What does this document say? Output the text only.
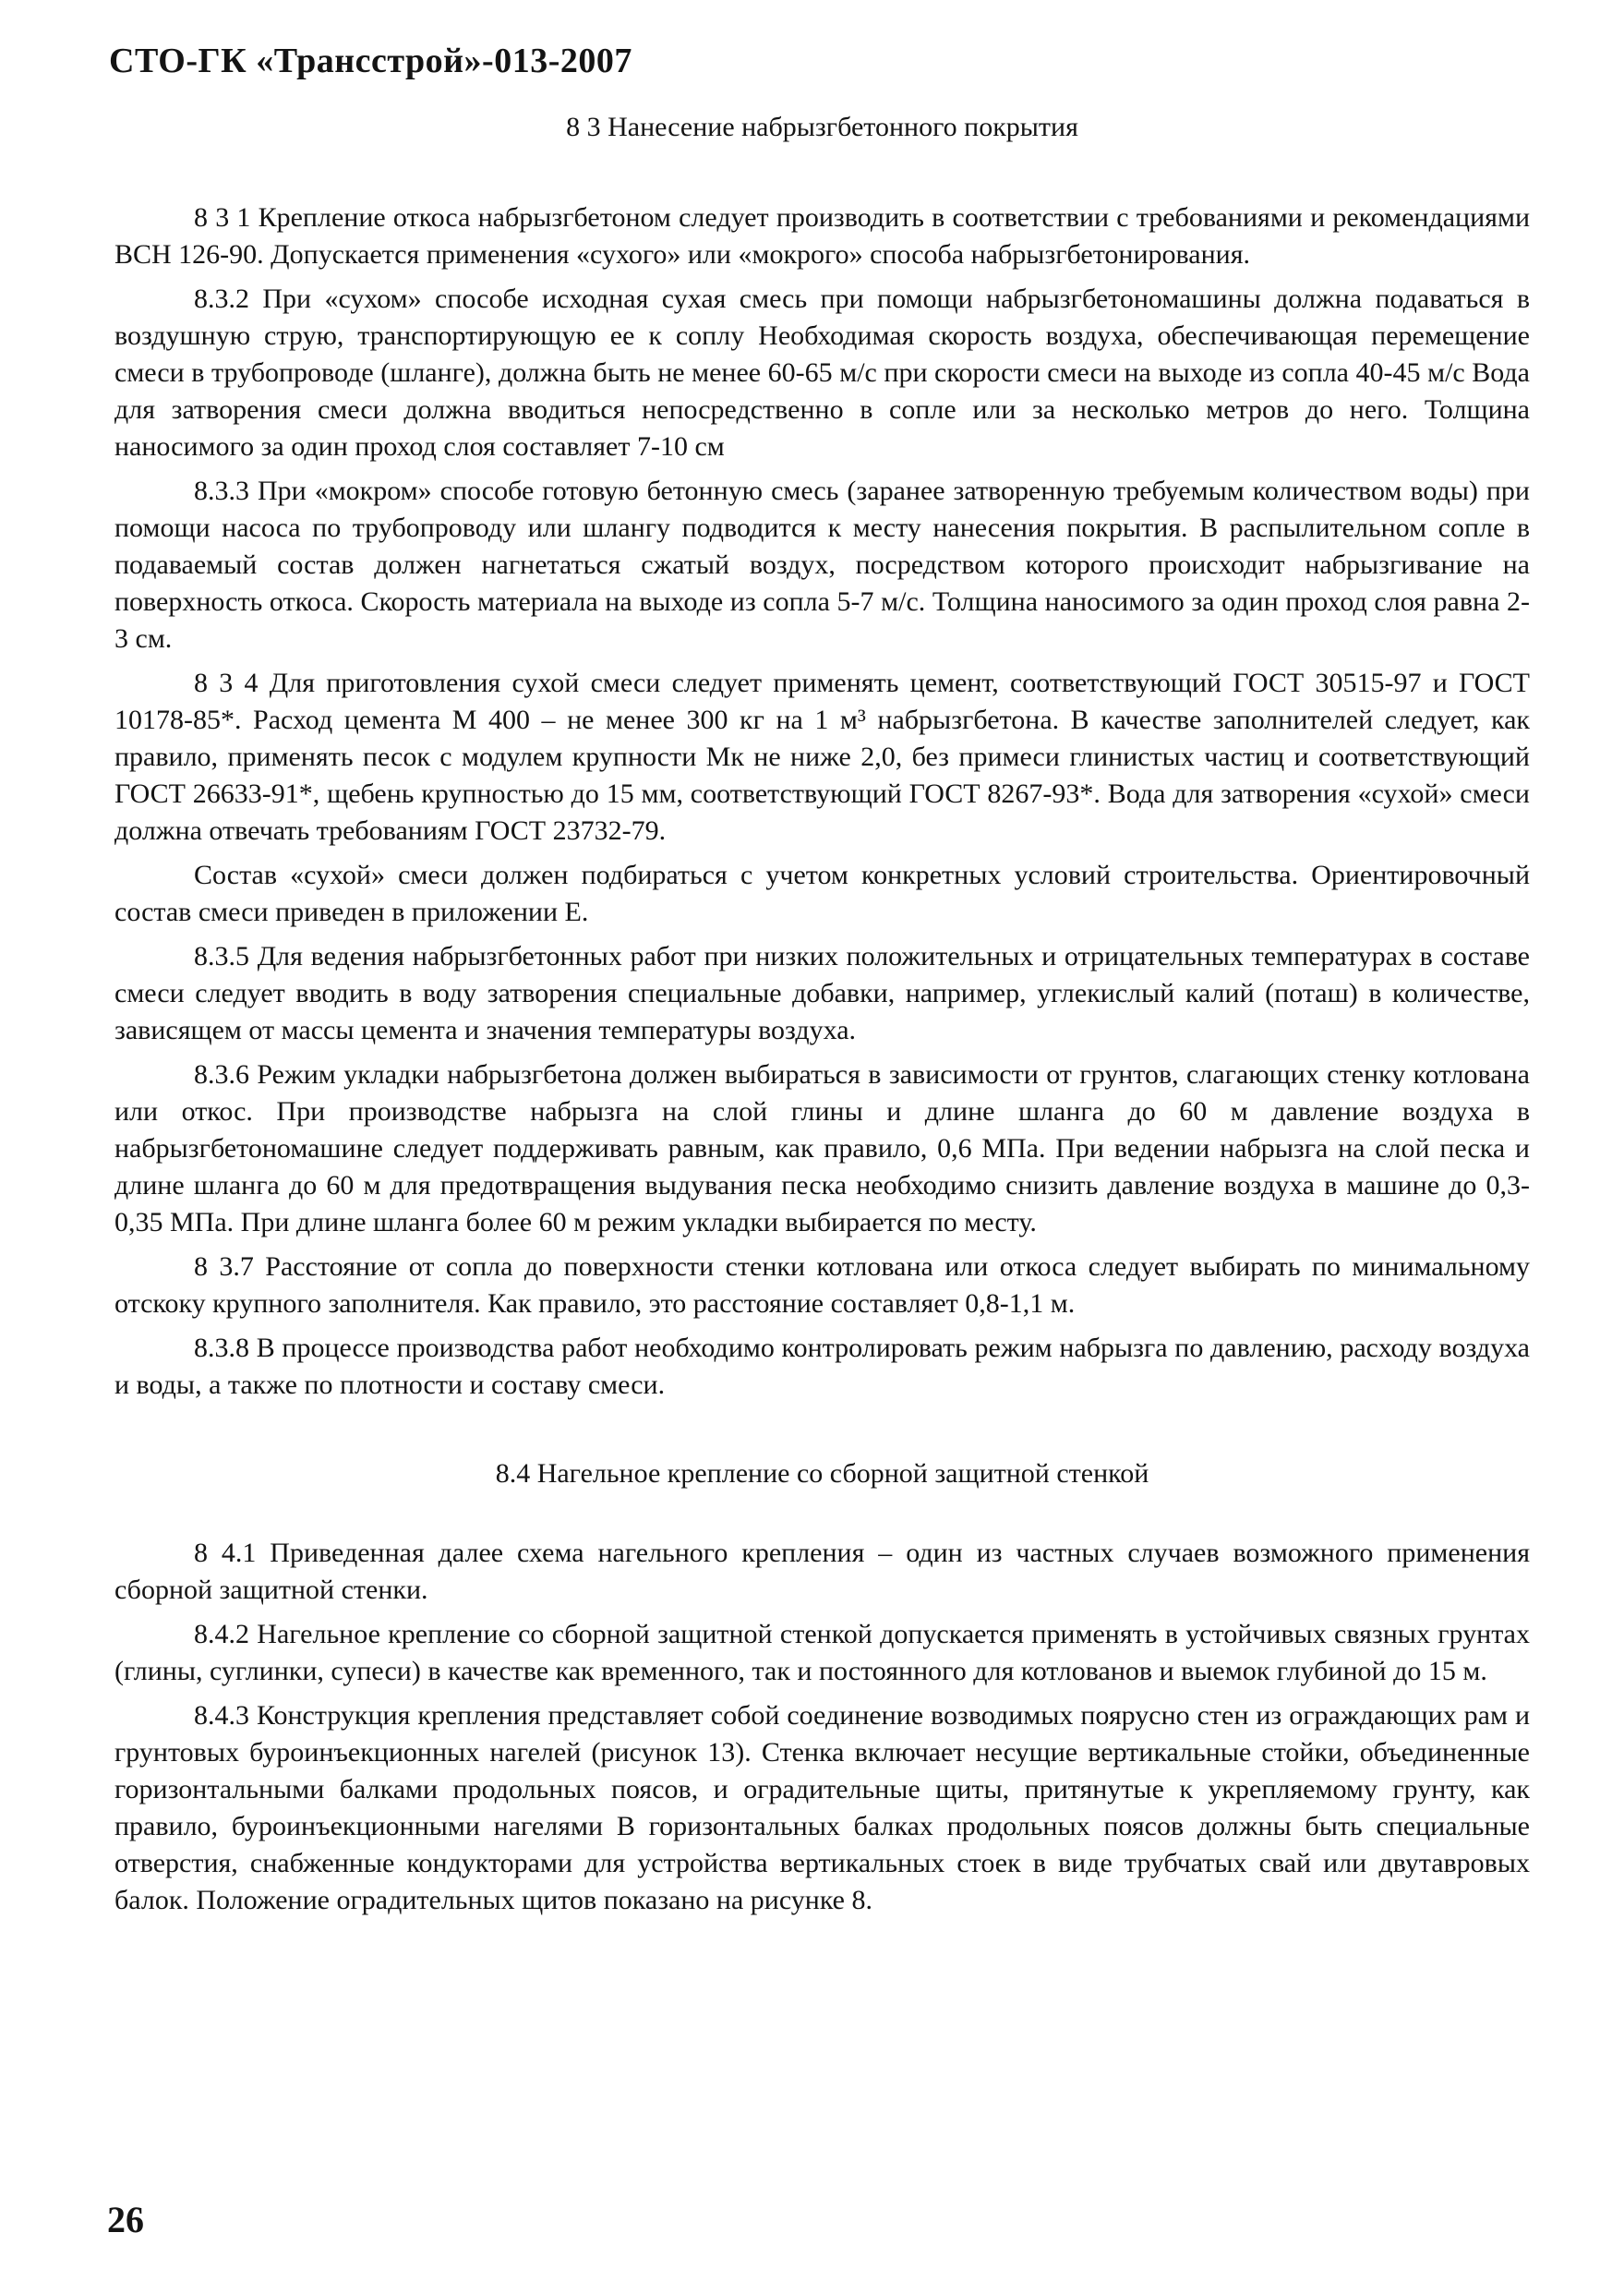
СТО-ГК «Трансстрой»-013-2007
8 3 Нанесение набрызгбетонного покрытия

8 3 1 Крепление откоса набрызгбетоном следует производить в соответствии с требованиями и рекомендациями ВСН 126-90. Допускается применения «сухого» или «мокрого» способа набрызгбетонирования.

8.3.2 При «сухом» способе исходная сухая смесь при помощи набрызгбетономашины должна подаваться в воздушную струю, транспортирующую ее к соплу Необходимая скорость воздуха, обеспечивающая перемещение смеси в трубопроводе (шланге), должна быть не менее 60-65 м/с при скорости смеси на выходе из сопла 40-45 м/с Вода для затворения смеси должна вводиться непосредственно в сопле или за несколько метров до него. Толщина наносимого за один проход слоя составляет 7-10 см

8.3.3 При «мокром» способе готовую бетонную смесь (заранее затворенную требуемым количеством воды) при помощи насоса по трубопроводу или шлангу подводится к месту нанесения покрытия. В распылительном сопле в подаваемый состав должен нагнетаться сжатый воздух, посредством которого происходит набрызгивание на поверхность откоса. Скорость материала на выходе из сопла 5-7 м/с. Толщина наносимого за один проход слоя равна 2-3 см.

8 3 4 Для приготовления сухой смеси следует применять цемент, соответствующий ГОСТ 30515-97 и ГОСТ 10178-85*. Расход цемента М 400 – не менее 300 кг на 1 м³ набрызгбетона. В качестве заполнителей следует, как правило, применять песок с модулем крупности Мк не ниже 2,0, без примеси глинистых частиц и соответствующий ГОСТ 26633-91*, щебень крупностью до 15 мм, соответствующий ГОСТ 8267-93*. Вода для затворения «сухой» смеси должна отвечать требованиям ГОСТ 23732-79.

Состав «сухой» смеси должен подбираться с учетом конкретных условий строительства. Ориентировочный состав смеси приведен в приложении Е.

8.3.5 Для ведения набрызгбетонных работ при низких положительных и отрицательных температурах в составе смеси следует вводить в воду затворения специальные добавки, например, углекислый калий (поташ) в количестве, зависящем от массы цемента и значения температуры воздуха.

8.3.6 Режим укладки набрызгбетона должен выбираться в зависимости от грунтов, слагающих стенку котлована или откос. При производстве набрызга на слой глины и длине шланга до 60 м давление воздуха в набрызгбетономашине следует поддерживать равным, как правило, 0,6 МПа. При ведении набрызга на слой песка и длине шланга до 60 м для предотвращения выдувания песка необходимо снизить давление воздуха в машине до 0,3-0,35 МПа. При длине шланга более 60 м режим укладки выбирается по месту.

8 3.7 Расстояние от сопла до поверхности стенки котлована или откоса следует выбирать по минимальному отскоку крупного заполнителя. Как правило, это расстояние составляет 0,8-1,1 м.

8.3.8 В процессе производства работ необходимо контролировать режим набрызга по давлению, расходу воздуха и воды, а также по плотности и составу смеси.

8.4 Нагельное крепление со сборной защитной стенкой

8 4.1 Приведенная далее схема нагельного крепления – один из частных случаев возможного применения сборной защитной стенки.

8.4.2 Нагельное крепление со сборной защитной стенкой допускается применять в устойчивых связных грунтах (глины, суглинки, супеси) в качестве как временного, так и постоянного для котлованов и выемок глубиной до 15 м.

8.4.3 Конструкция крепления представляет собой соединение возводимых поярусно стен из ограждающих рам и грунтовых буроинъекционных нагелей (рисунок 13). Стенка включает несущие вертикальные стойки, объединенные горизонтальными балками продольных поясов, и оградительные щиты, притянутые к укрепляемому грунту, как правило, буроинъекционными нагелями В горизонтальных балках продольных поясов должны быть специальные отверстия, снабженные кондукторами для устройства вертикальных стоек в виде трубчатых свай или двутавровых балок. Положение оградительных щитов показано на рисунке 8.

26
